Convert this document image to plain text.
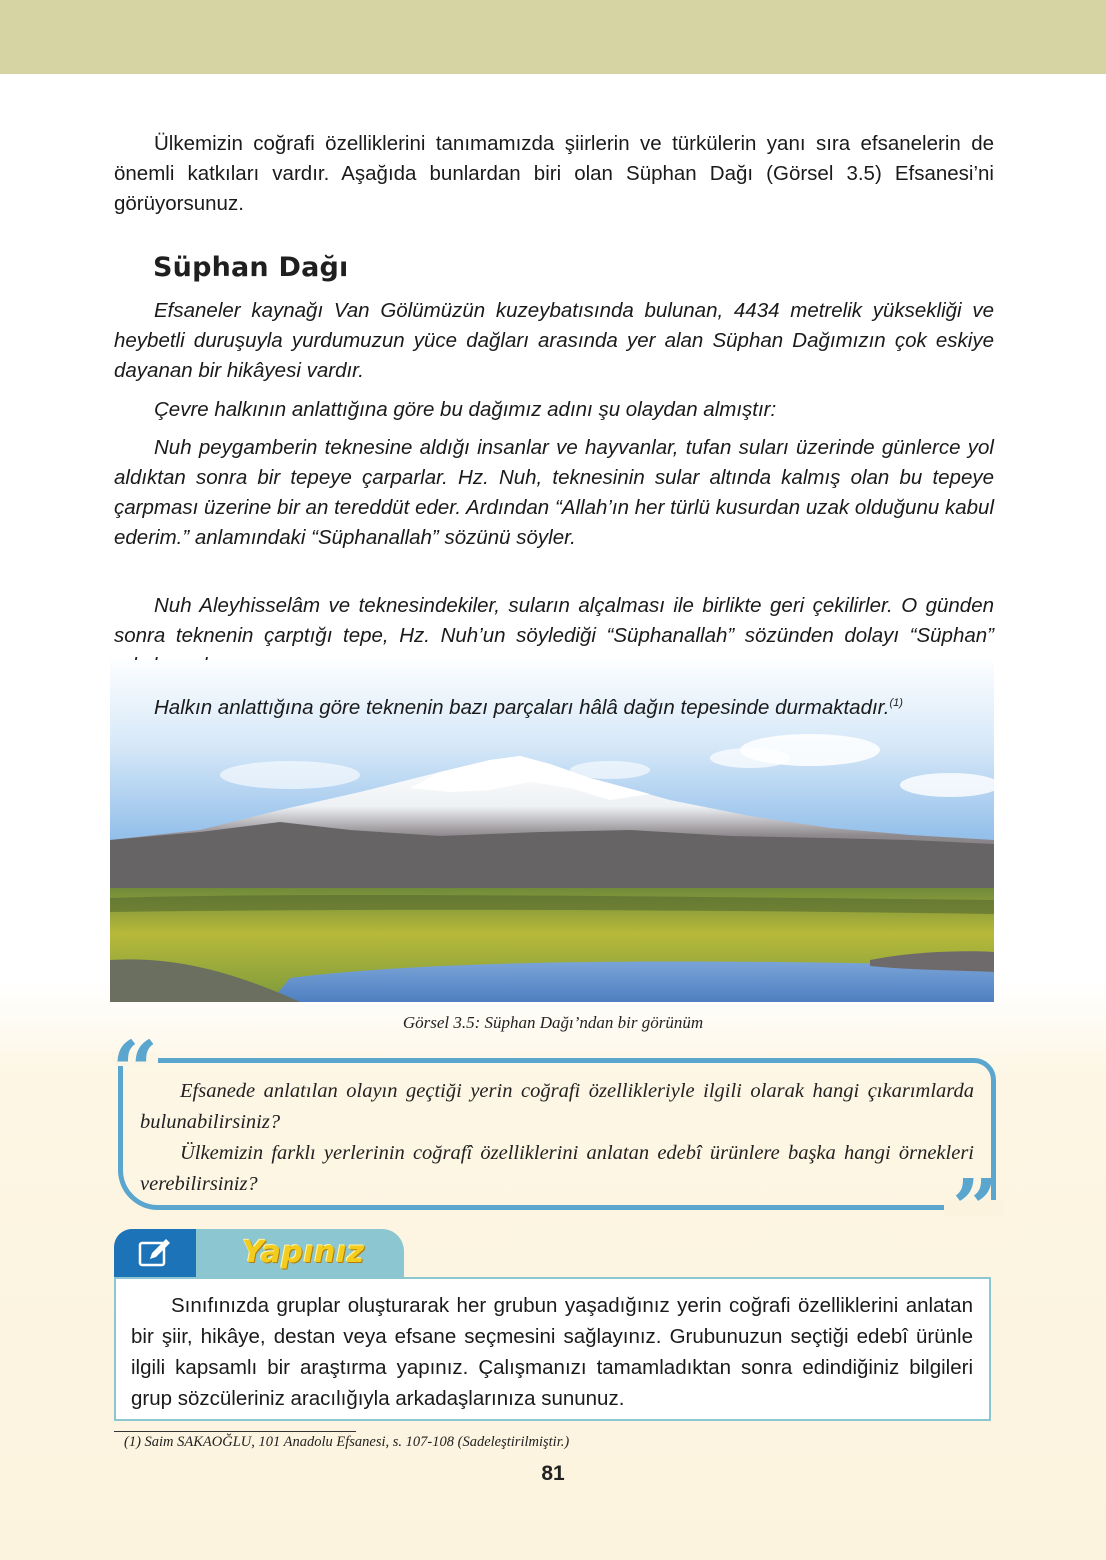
Ülkemizin coğrafi özelliklerini tanımamızda şiirlerin ve türkülerin yanı sıra efsanelerin de önemli katkıları vardır. Aşağıda bunlardan biri olan Süphan Dağı (Görsel 3.5) Efsanesi’ni görüyorsunuz.

Süphan Dağı

Efsaneler kaynağı Van Gölümüzün kuzeybatısında bulunan, 4434 metrelik yüksekliği ve heybetli duruşuyla yurdumuzun yüce dağları arasında yer alan Süphan Dağımızın çok eskiye dayanan bir hikâyesi vardır.

Çevre halkının anlattığına göre bu dağımız adını şu olaydan almıştır:

Nuh peygamberin teknesine aldığı insanlar ve hayvanlar, tufan suları üzerinde günlerce yol aldıktan sonra bir tepeye çarparlar. Hz. Nuh, teknesinin sular altında kalmış olan bu tepeye çarpması üzerine bir an tereddüt eder. Ardından “Allah’ın her türlü kusurdan uzak olduğunu kabul ederim.” anlamındaki “Süphanallah” sözünü söyler.

Nuh Aleyhisselâm ve teknesindekiler, suların alçalması ile birlikte geri çekilirler. O günden sonra teknenin çarptığı tepe, Hz. Nuh’un söylediği “Süphanallah” sözünden dolayı “Süphan”

Halkın anlattığına göre teknenin bazı parçaları hâlâ dağın tepesinde durmaktadır.$^{(1)}$

Görsel 3.5: Süphan Dağı’ndan bir görünüm
“
”
Efsanede anlatılan olayın geçtiği yerin coğrafi özellikleriyle ilgili olarak hangi çıkarımlarda bulunabilirsiniz?
Ülkemizin farklı yerlerinin coğrafî özelliklerini anlatan edebî ürünlere başka hangi örnekleri verebilirsiniz?
Yapınız

Sınıfınızda gruplar oluşturarak her grubun yaşadığınız yerin coğrafi özelliklerini anlatan bir şiir, hikâye, destan veya efsane seçmesini sağlayınız. Grubunuzun seçtiği edebî ürünle ilgili kapsamlı bir araştırma yapınız. Çalışmanızı tamamladıktan sonra edindiğiniz bilgileri grup sözcüleriniz aracılığıyla arkadaşlarınıza sununuz.

(1) Saim SAKAOĞLU, 101 Anadolu Efsanesi, s. 107-108 (Sadeleştirilmiştir.)
81
